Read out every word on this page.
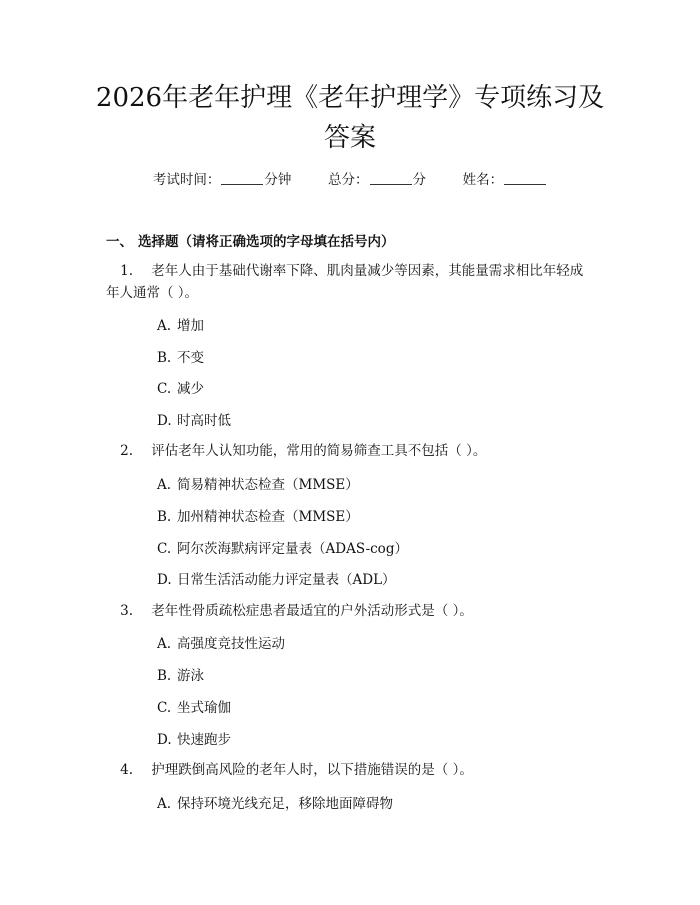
2026年老年护理《老年护理学》专项练习及答案
考试时间：	分钟	总分：	分	姓名：
一、 选择题（请将正确选项的字母填在括号内）
1. 老年人由于基础代谢率下降、肌肉量减少等因素，其能量需求相比年轻成
年人通常（ ）。
A. 增加
B. 不变
C. 减少
D. 时高时低
2. 评估老年人认知功能，常用的简易筛查工具不包括（ ）。
A. 简易精神状态检查（MMSE）
B. 加州精神状态检查（MMSE）
C. 阿尔茨海默病评定量表（ADAS-cog）
D. 日常生活活动能力评定量表（ADL）
3. 老年性骨质疏松症患者最适宜的户外活动形式是（ ）。
A. 高强度竞技性运动
B. 游泳
C. 坐式瑜伽
D. 快速跑步
4. 护理跌倒高风险的老年人时，以下措施错误的是（ ）。
A. 保持环境光线充足，移除地面障碍物
